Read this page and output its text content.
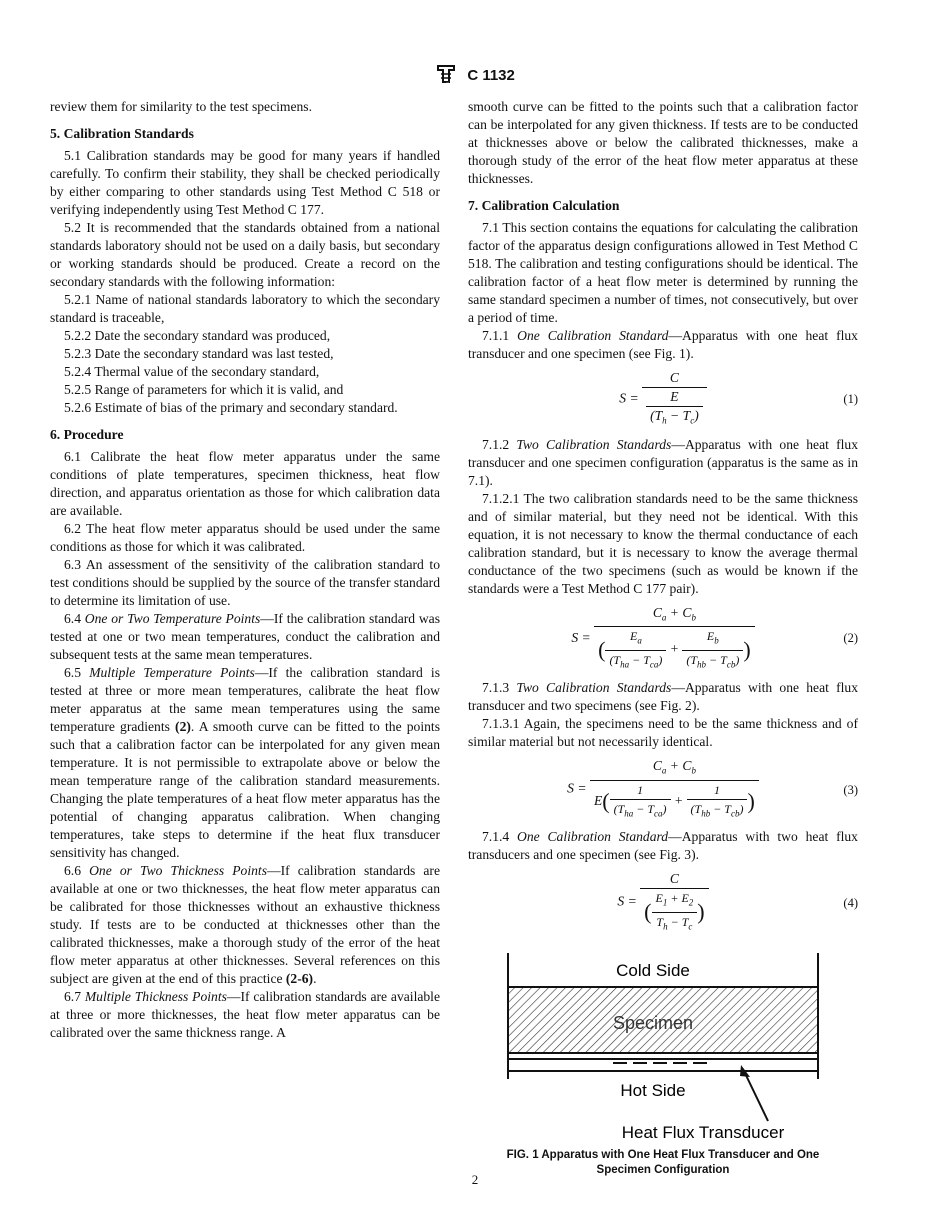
ASTM C 1132

review them for similarity to the test specimens.

5. Calibration Standards

5.1 Calibration standards may be good for many years if handled carefully. To confirm their stability, they shall be checked periodically by either comparing to other standards using Test Method C 518 or verifying independently using Test Method C 177.

5.2 It is recommended that the standards obtained from a national standards laboratory should not be used on a daily basis, but secondary or working standards should be produced. Create a record on the secondary standards with the following information:

5.2.1 Name of national standards laboratory to which the secondary standard is traceable,

5.2.2 Date the secondary standard was produced,

5.2.3 Date the secondary standard was last tested,

5.2.4 Thermal value of the secondary standard,

5.2.5 Range of parameters for which it is valid, and

5.2.6 Estimate of bias of the primary and secondary standard.

6. Procedure

6.1 Calibrate the heat flow meter apparatus under the same conditions of plate temperatures, specimen thickness, heat flow direction, and apparatus orientation as those for which calibration data are available.

6.2 The heat flow meter apparatus should be used under the same conditions as those for which it was calibrated.

6.3 An assessment of the sensitivity of the calibration standard to test conditions should be supplied by the source of the transfer standard to determine its limitation of use.

6.4 One or Two Temperature Points—If the calibration standard was tested at one or two mean temperatures, conduct the calibration and subsequent tests at the same mean temperatures.

6.5 Multiple Temperature Points—If the calibration standard is tested at three or more mean temperatures, calibrate the heat flow meter apparatus at the same mean temperatures using the same temperature gradients (2). A smooth curve can be fitted to the points such that a calibration factor can be interpolated for any given mean temperature. It is not permissible to extrapolate above or below the mean temperature range of the calibration standard measurements. Changing the plate temperatures of a heat flow meter apparatus has the potential of changing apparatus calibration. When changing temperatures, take steps to determine if the heat flux transducer sensitivity has changed.

6.6 One or Two Thickness Points—If calibration standards are available at one or two thicknesses, the heat flow meter apparatus can be calibrated for those thicknesses without an exhaustive thickness study. If tests are to be conducted at thicknesses other than the calibrated thicknesses, make a thorough study of the error of the heat flow meter apparatus at other thicknesses. Several references on this subject are given at the end of this practice (2-6).

6.7 Multiple Thickness Points—If calibration standards are available at three or more thicknesses, the heat flow meter apparatus can be calibrated over the same thickness range. A

smooth curve can be fitted to the points such that a calibration factor can be interpolated for any given thickness. If tests are to be conducted at thicknesses above or below the calibrated thicknesses, make a thorough study of the error of the heat flow meter apparatus at these thicknesses.

7. Calibration Calculation

7.1 This section contains the equations for calculating the calibration factor of the apparatus design configurations allowed in Test Method C 518. The calibration and testing configurations should be identical. The calibration factor of a heat flow meter is determined by running the same standard specimen a number of times, not consecutively, but over a period of time.

7.1.1 One Calibration Standard—Apparatus with one heat flux transducer and one specimen (see Fig. 1).

$S = \frac{C}{\frac{E}{(T_h - T_c)}}$	(1)

7.1.2 Two Calibration Standards—Apparatus with one heat flux transducer and one specimen configuration (apparatus is the same as in 7.1).

7.1.2.1 The two calibration standards need to be the same thickness and of similar material, but they need not be identical. With this equation, it is not necessary to know the thermal conductance of each calibration standard, but it is necessary to know the average thermal conductance of the two specimens (such as would be known if the standards were a Test Method C 177 pair).

$S = \frac{C_a + C_b}{( \frac{E_a}{(T_{ha} - T_{ca})} + \frac{E_b}{(T_{hb} - T_{cb})} )}$	(2)

7.1.3 Two Calibration Standards—Apparatus with one heat flux transducer and two specimens (see Fig. 2).

7.1.3.1 Again, the specimens need to be the same thickness and of similar material but not necessarily identical.

$S = \frac{C_a + C_b}{E( \frac{1}{(T_{ha} - T_{ca})} + \frac{1}{(T_{hb} - T_{cb})} )}$	(3)

7.1.4 One Calibration Standard—Apparatus with two heat flux transducers and one specimen (see Fig. 3).

$S = \frac{C}{( \frac{E_1 + E_2}{T_h - T_c} )}$	(4)
Cold Side
Specimen
Hot Side
Heat Flux Transducer
FIG. 1 Apparatus with One Heat Flux Transducer and One
Specimen Configuration
2
